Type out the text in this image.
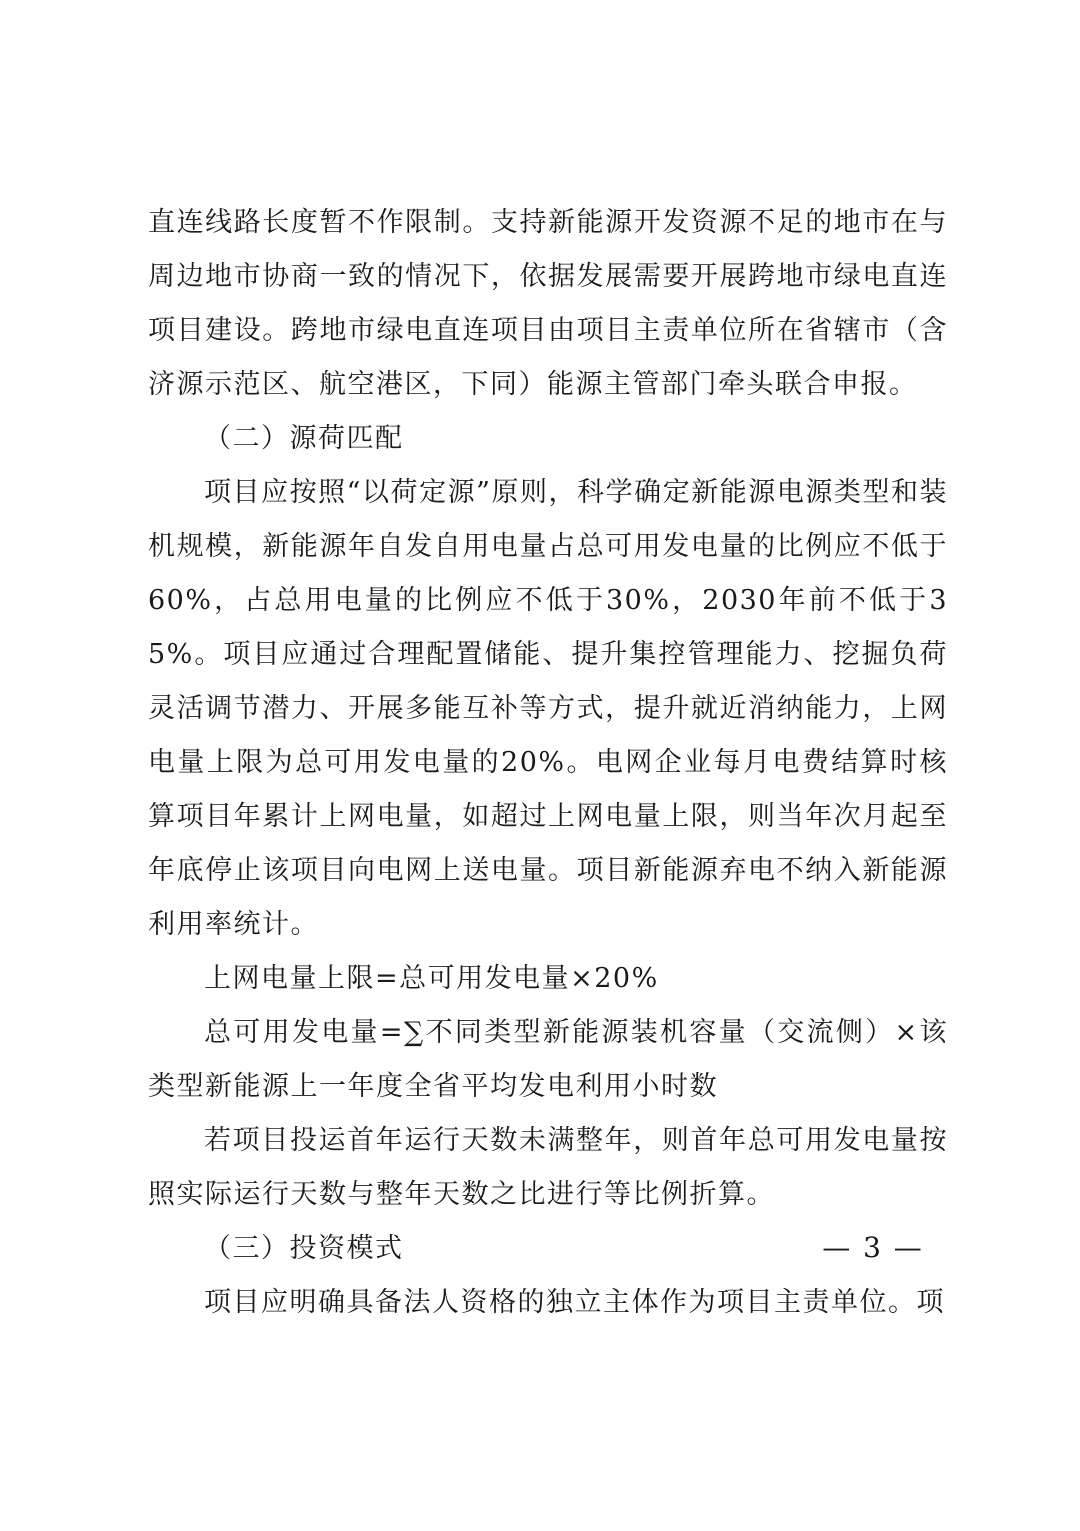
直连线路长度暂不作限制。支持新能源开发资源不足的地市在与周边地市协商一致的情况下，依据发展需要开展跨地市绿电直连项目建设。跨地市绿电直连项目由项目主责单位所在省辖市（含济源示范区、航空港区，下同）能源主管部门牵头联合申报。

（二）源荷匹配

项目应按照“以荷定源”原则，科学确定新能源电源类型和装机规模，新能源年自发自用电量占总可用发电量的比例应不低于60%，占总用电量的比例应不低于30%，2030年前不低于35%。项目应通过合理配置储能、提升集控管理能力、挖掘负荷灵活调节潜力、开展多能互补等方式，提升就近消纳能力，上网电量上限为总可用发电量的20%。电网企业每月电费结算时核算项目年累计上网电量，如超过上网电量上限，则当年次月起至年底停止该项目向电网上送电量。项目新能源弃电不纳入新能源利用率统计。

上网电量上限=总可用发电量×20%

总可用发电量=∑不同类型新能源装机容量（交流侧）×该类型新能源上一年度全省平均发电利用小时数

若项目投运首年运行天数未满整年，则首年总可用发电量按照实际运行天数与整年天数之比进行等比例折算。

（三）投资模式

项目应明确具备法人资格的独立主体作为项目主责单位。项

— 3 —
